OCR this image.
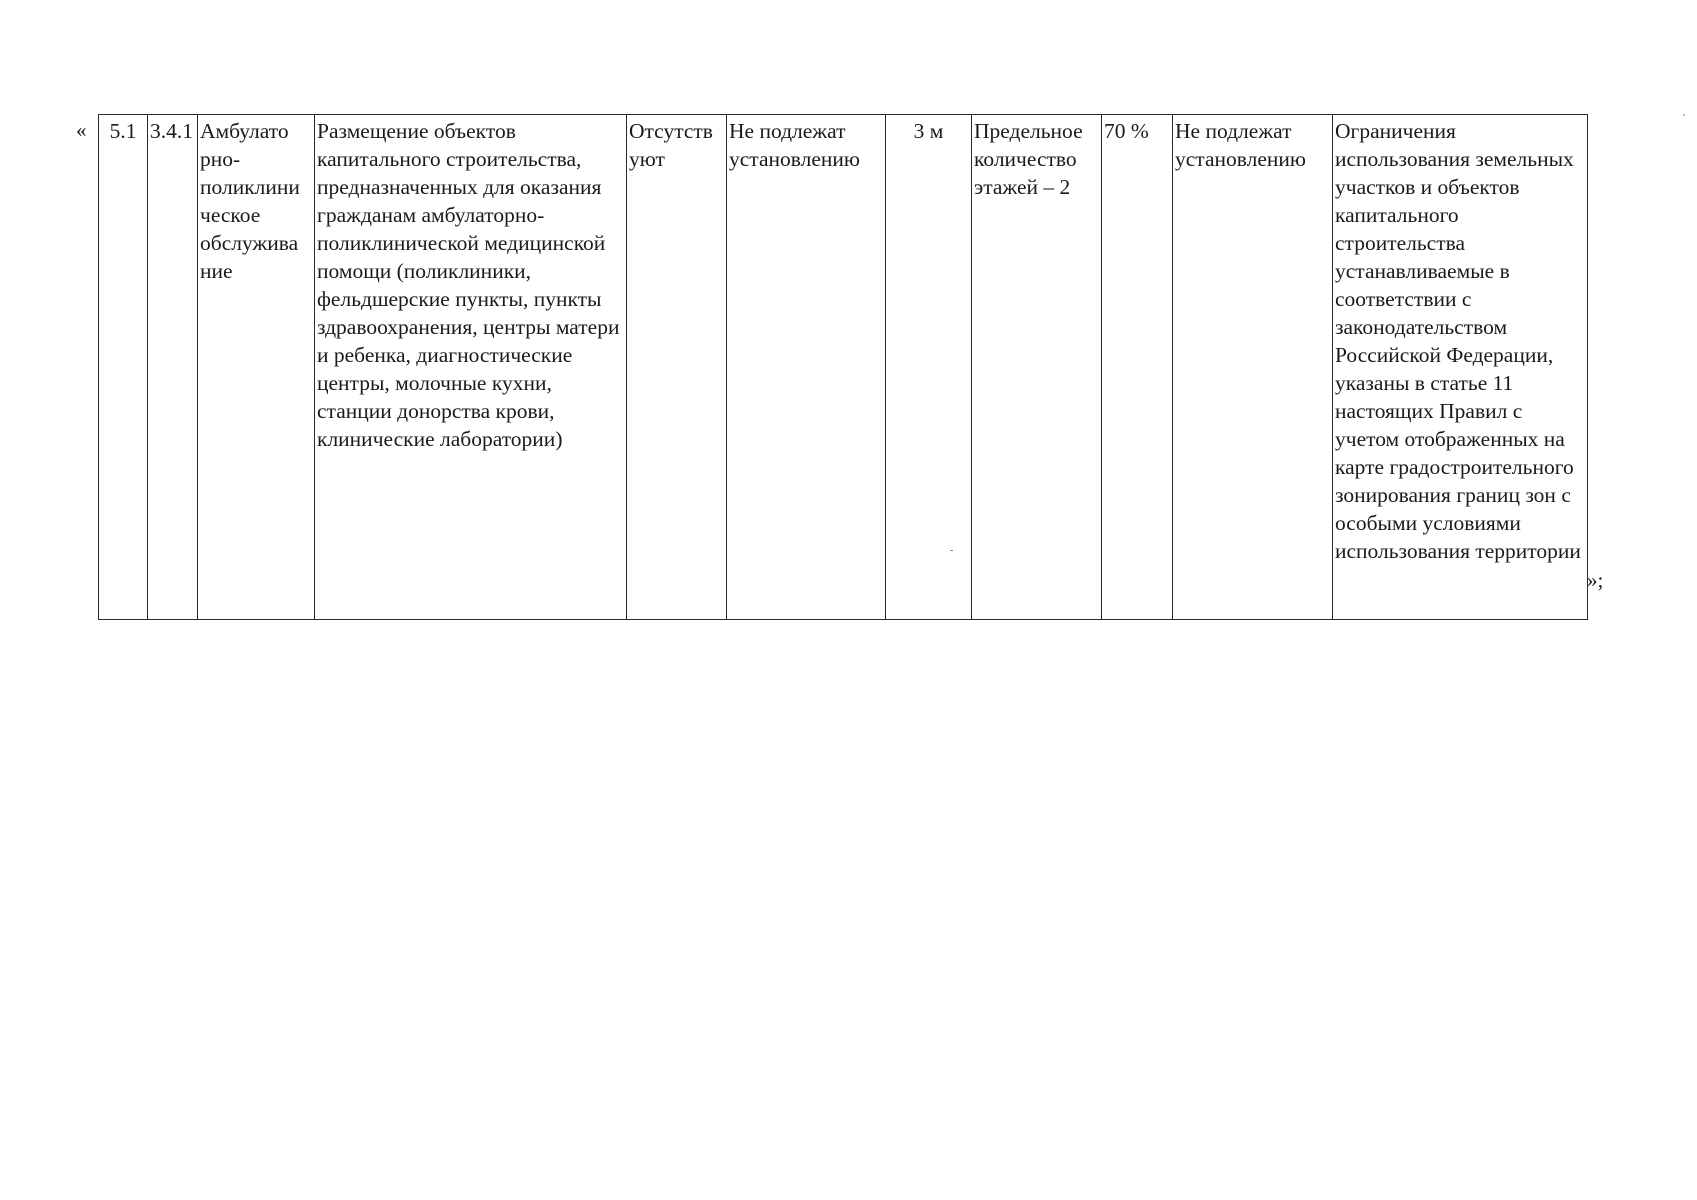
« 5.1	3.4.1	Амбулато рно- поликлини ческое обслужива ние	Размещение объектов капитального строительства, предназначенных для оказания гражданам амбулаторно- поликлинической медицинской помощи (поликлиники, фельдшерские пункты, пункты здравоохранения, центры матери и ребенка, диагностические центры, молочные кухни, станции донорства крови, клинические лаборатории)	Отсутств уют	Не подлежат установлению	3 м	Предельное количество этажей – 2	70 %	Не подлежат установлению	Ограничения использования земельных участков и объектов капитального строительства устанавливаемые в соответствии с законодательством Российской Федерации, указаны в статье 11 настоящих Правил с учетом отображенных на карте градостроительного зонирования границ зон с особыми условиями использования территории
»;
